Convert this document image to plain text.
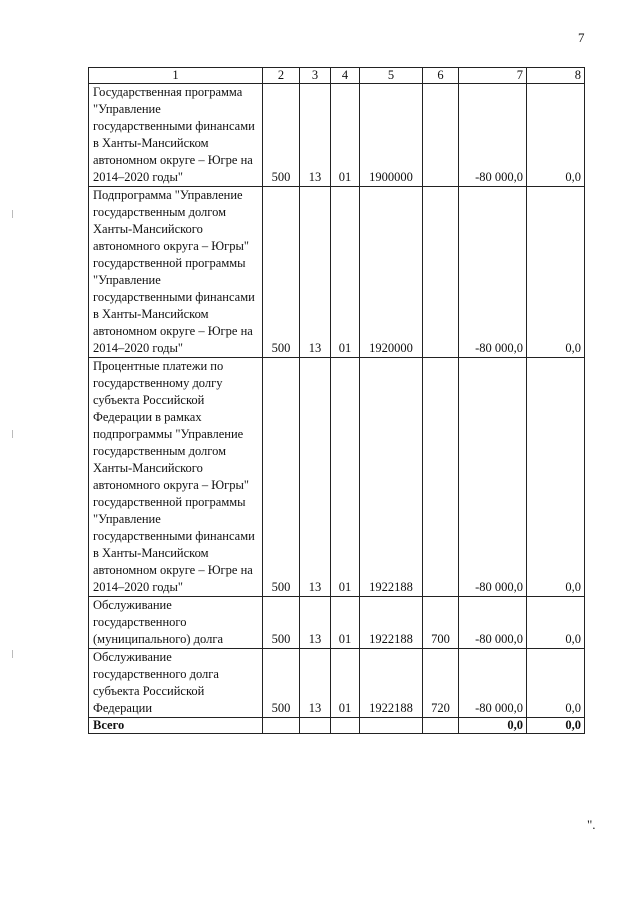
7
1	2	3	4	5	6	7	8
Государственная программа "Управление государственными финансами в Ханты-Мансийском автономном округе – Югре на 2014–2020 годы"	500	13	01	1900000		-80 000,0	0,0
Подпрограмма "Управление государственным долгом Ханты-Мансийского автономного округа – Югры" государственной программы "Управление государственными финансами в Ханты-Мансийском автономном округе – Югре на 2014–2020 годы"	500	13	01	1920000		-80 000,0	0,0
Процентные платежи по государственному долгу субъекта Российской Федерации в рамках подпрограммы "Управление государственным долгом Ханты-Мансийского автономного округа – Югры" государственной программы "Управление государственными финансами в Ханты-Мансийском автономном округе – Югре на 2014–2020 годы"	500	13	01	1922188		-80 000,0	0,0
Обслуживание государственного (муниципального) долга	500	13	01	1922188	700	-80 000,0	0,0
Обслуживание государственного долга субъекта Российской Федерации	500	13	01	1922188	720	-80 000,0	0,0
Всего						0,0	0,0
".
